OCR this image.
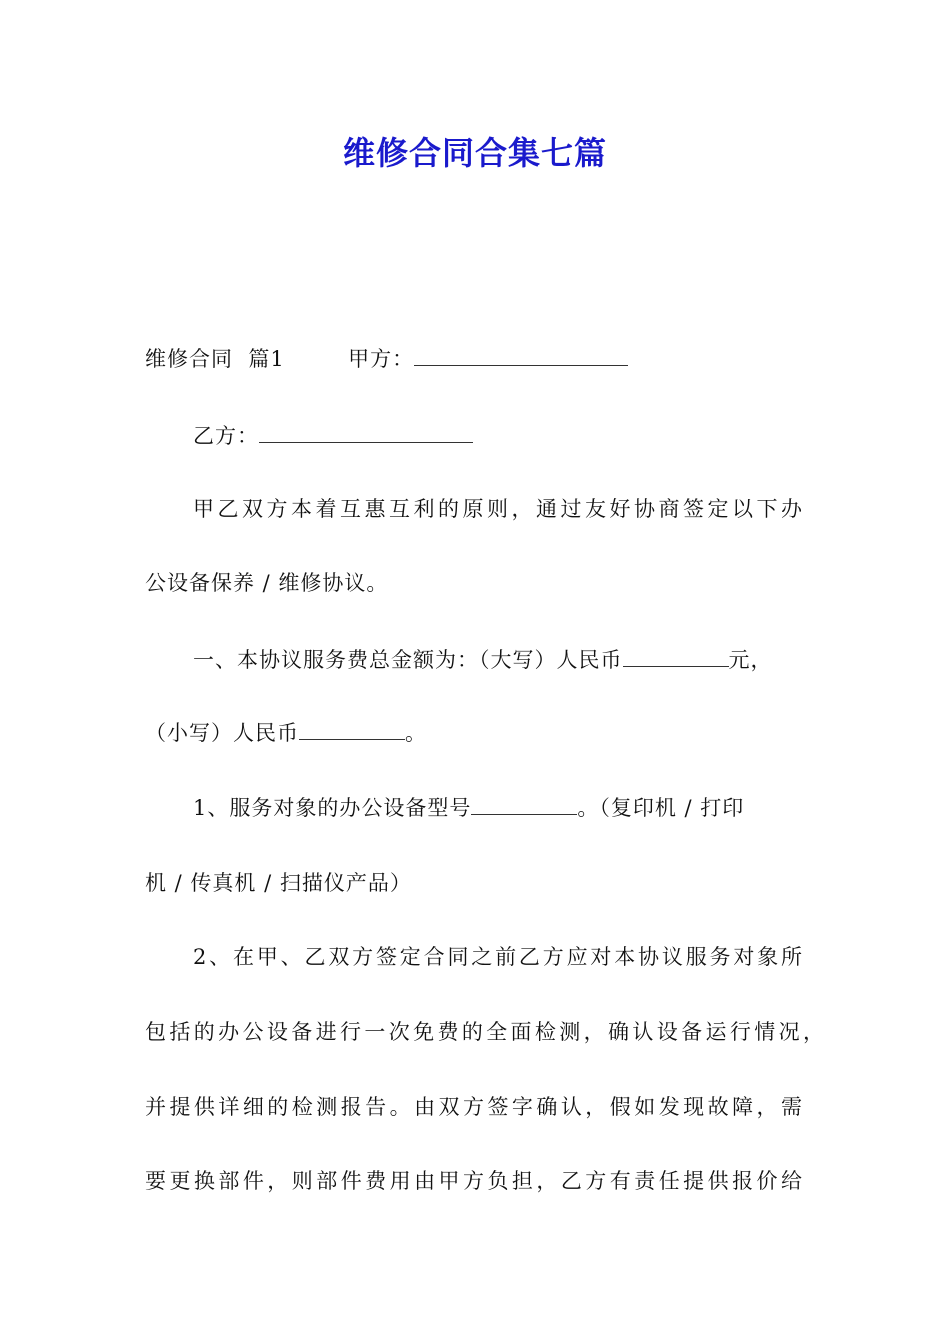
维修合同合集七篇
维修合同  篇1	甲方：
乙方：
甲乙双方本着互惠互利的原则，通过友好协商签定以下办
公设备保养 / 维修协议。
一、本协议服务费总金额为：（大写）人民币	元，
（小写）人民币	。
1、服务对象的办公设备型号	。（复印机 / 打印
机 / 传真机 / 扫描仪产品）
2、在甲、乙双方签定合同之前乙方应对本协议服务对象所
包括的办公设备进行一次免费的全面检测，确认设备运行情况，
并提供详细的检测报告。由双方签字确认，假如发现故障，需
要更换部件，则部件费用由甲方负担，乙方有责任提供报价给
